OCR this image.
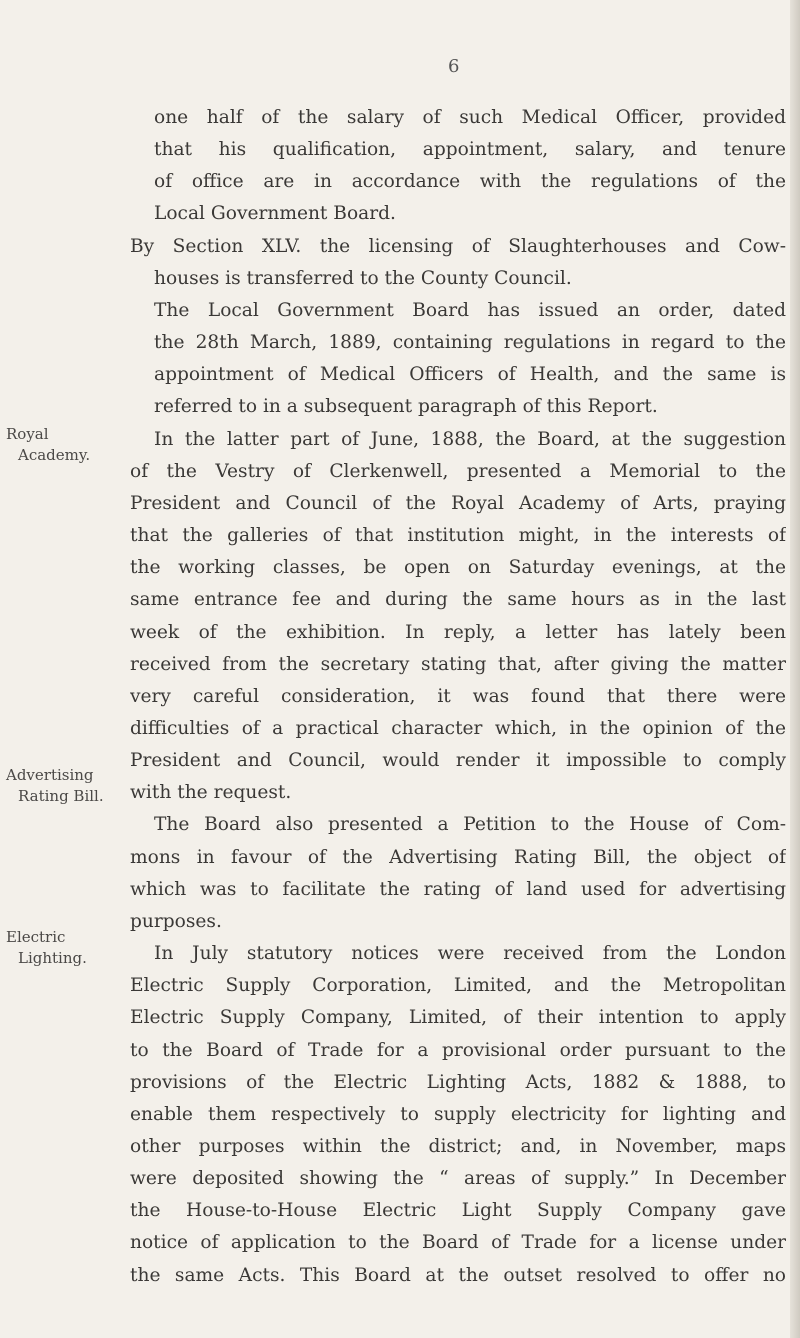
6
Royal
Academy.
Advertising
Rating Bill.
Electric
Lighting.
one half of the salary of such Medical Officer, provided
that his qualification, appointment, salary, and tenure
of office are in accordance with the regulations of the
Local Government Board.
By Section XLV. the licensing of Slaughterhouses and Cow-
houses is transferred to the County Council.
The Local Government Board has issued an order, dated
the 28th March, 1889, containing regulations in regard to the
appointment of Medical Officers of Health, and the same is
referred to in a subsequent paragraph of this Report.
In the latter part of June, 1888, the Board, at the suggestion
of the Vestry of Clerkenwell, presented a Memorial to the
President and Council of the Royal Academy of Arts, praying
that the galleries of that institution might, in the interests of
the working classes, be open on Saturday evenings, at the
same entrance fee and during the same hours as in the last
week of the exhibition. In reply, a letter has lately been
received from the secretary stating that, after giving the matter
very careful consideration, it was found that there were
difficulties of a practical character which, in the opinion of the
President and Council, would render it impossible to comply
with the request.
The Board also presented a Petition to the House of Com-
mons in favour of the Advertising Rating Bill, the object of
which was to facilitate the rating of land used for advertising
purposes.
In July statutory notices were received from the London
Electric Supply Corporation, Limited, and the Metropolitan
Electric Supply Company, Limited, of their intention to apply
to the Board of Trade for a provisional order pursuant to the
provisions of the Electric Lighting Acts, 1882 & 1888, to
enable them respectively to supply electricity for lighting and
other purposes within the district; and, in November, maps
were deposited showing the “ areas of supply.” In December
the House-to-House Electric Light Supply Company gave
notice of application to the Board of Trade for a license under
the same Acts. This Board at the outset resolved to offer no
